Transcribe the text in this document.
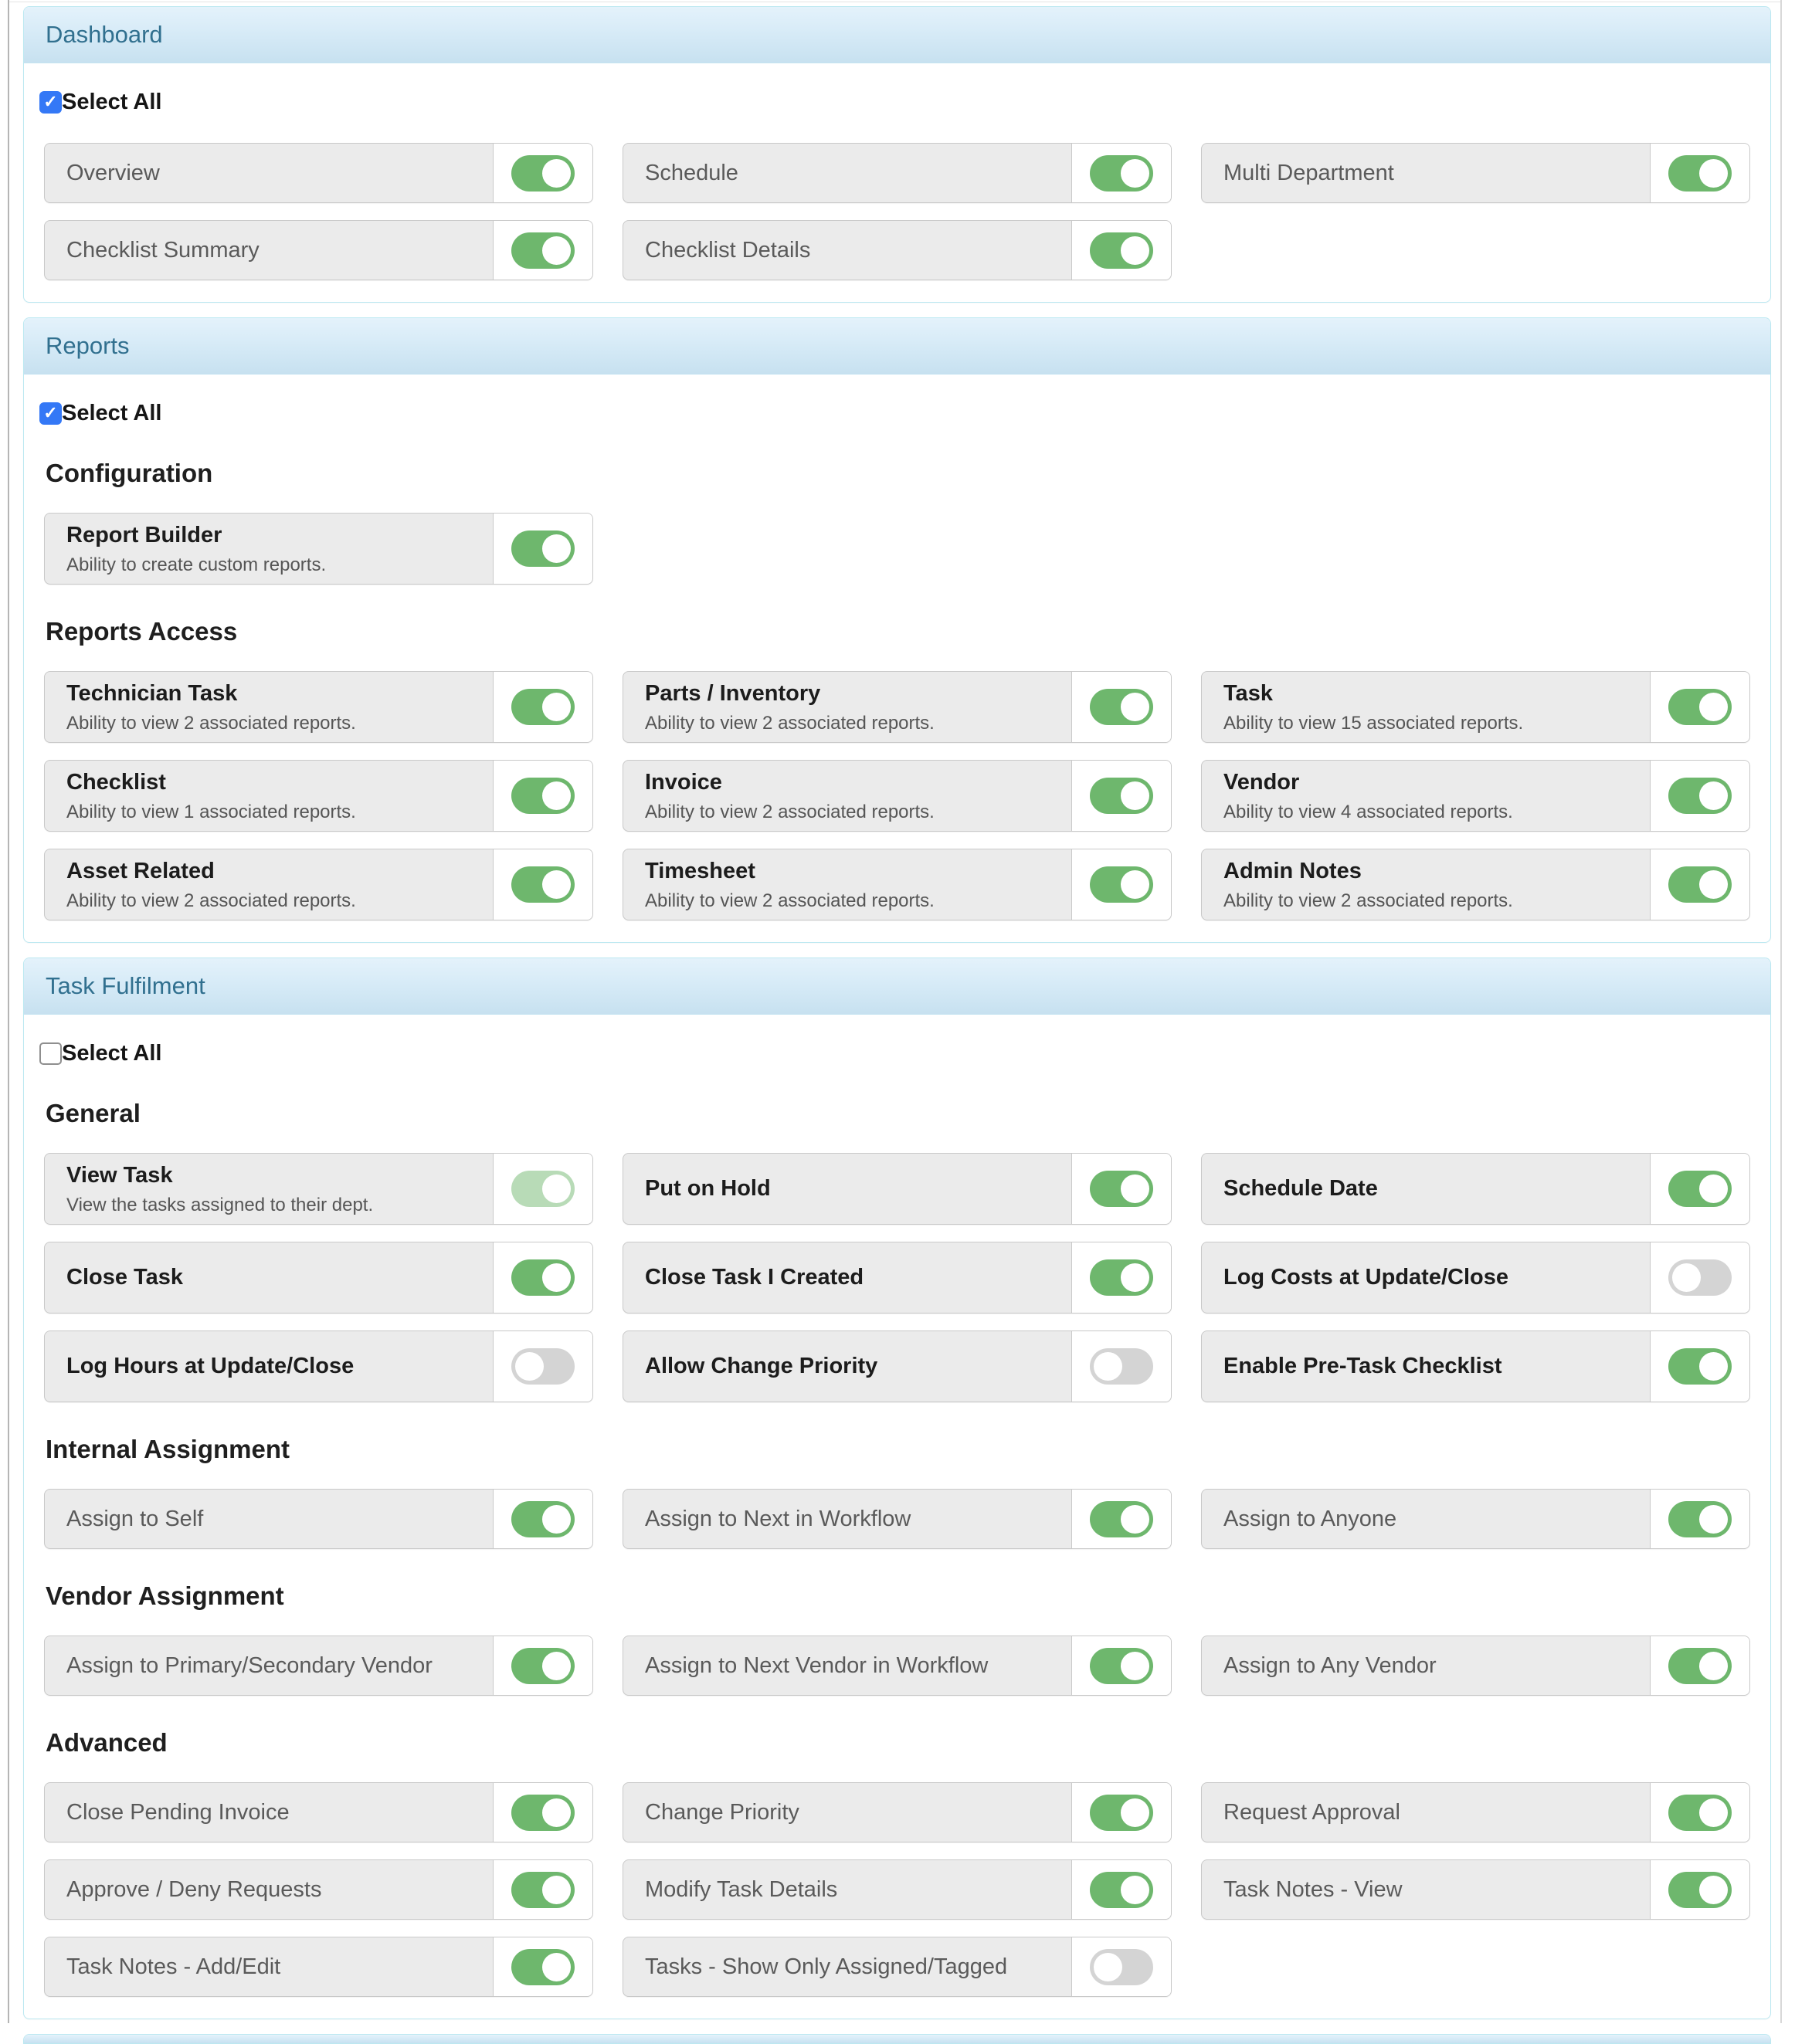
Dashboard
✓ Select All
Overview	Schedule	Multi Department
Checklist Summary	Checklist Details
Reports
✓ Select All
Configuration
Report Builder
Ability to create custom reports.
Reports Access
Technician Task
Ability to view 2 associated reports.
Parts / Inventory
Ability to view 2 associated reports.
Task
Ability to view 15 associated reports.
Checklist
Ability to view 1 associated reports.
Invoice
Ability to view 2 associated reports.
Vendor
Ability to view 4 associated reports.
Asset Related
Ability to view 2 associated reports.
Timesheet
Ability to view 2 associated reports.
Admin Notes
Ability to view 2 associated reports.
Task Fulfilment
Select All
General
View Task
View the tasks assigned to their dept.
Put on Hold	Schedule Date
Close Task	Close Task I Created	Log Costs at Update/Close
Log Hours at Update/Close	Allow Change Priority	Enable Pre-Task Checklist
Internal Assignment
Assign to Self	Assign to Next in Workflow	Assign to Anyone
Vendor Assignment
Assign to Primary/Secondary Vendor	Assign to Next Vendor in Workflow	Assign to Any Vendor
Advanced
Close Pending Invoice	Change Priority	Request Approval
Approve / Deny Requests	Modify Task Details	Task Notes - View
Task Notes - Add/Edit	Tasks - Show Only Assigned/Tagged
